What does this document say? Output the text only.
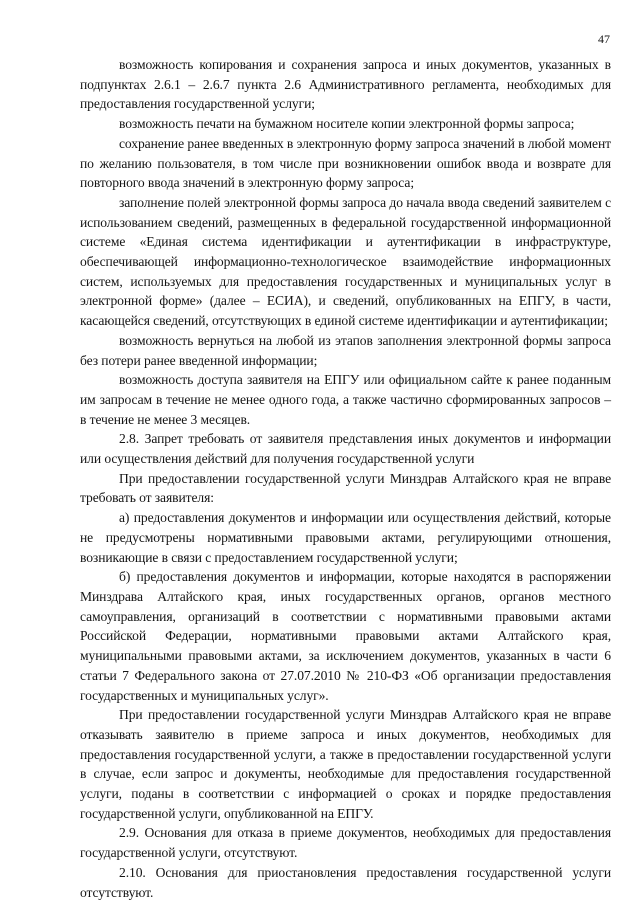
47

возможность копирования и сохранения запроса и иных документов, указанных в подпунктах 2.6.1 – 2.6.7 пункта 2.6 Административного регламента, необходимых для предоставления государственной услуги;

возможность печати на бумажном носителе копии электронной формы запроса;

сохранение ранее введенных в электронную форму запроса значений в любой момент по желанию пользователя, в том числе при возникновении ошибок ввода и возврате для повторного ввода значений в электронную форму запроса;

заполнение полей электронной формы запроса до начала ввода сведений заявителем с использованием сведений, размещенных в федеральной государственной информационной системе «Единая система идентификации и аутентификации в инфраструктуре, обеспечивающей информационно-технологическое взаимодействие информационных систем, используемых для предоставления государственных и муниципальных услуг в электронной форме» (далее – ЕСИА), и сведений, опубликованных на ЕПГУ, в части, касающейся сведений, отсутствующих в единой системе идентификации и аутентификации;

возможность вернуться на любой из этапов заполнения электронной формы запроса без потери ранее введенной информации;

возможность доступа заявителя на ЕПГУ или официальном сайте к ранее поданным им запросам в течение не менее одного года, а также частично сформированных запросов – в течение не менее 3 месяцев.

2.8. Запрет требовать от заявителя представления иных документов и информации или осуществления действий для получения государственной услуги

При предоставлении государственной услуги Минздрав Алтайского края не вправе требовать от заявителя:

а) предоставления документов и информации или осуществления действий, которые не предусмотрены нормативными правовыми актами, регулирующими отношения, возникающие в связи с предоставлением государственной услуги;

б) предоставления документов и информации, которые находятся в распоряжении Минздрава Алтайского края, иных государственных органов, органов местного самоуправления, организаций в соответствии с нормативными правовыми актами Российской Федерации, нормативными правовыми актами Алтайского края, муниципальными правовыми актами, за исключением документов, указанных в части 6 статьи 7 Федерального закона от 27.07.2010 № 210-ФЗ «Об организации предоставления государственных и муниципальных услуг».

При предоставлении государственной услуги Минздрав Алтайского края не вправе отказывать заявителю в приеме запроса и иных документов, необходимых для предоставления государственной услуги, а также в предоставлении государственной услуги в случае, если запрос и документы, необходимые для предоставления государственной услуги, поданы в соответствии с информацией о сроках и порядке предоставления государственной услуги, опубликованной на ЕПГУ.

2.9. Основания для отказа в приеме документов, необходимых для предоставления государственной услуги, отсутствуют.

2.10. Основания для приостановления предоставления государственной услуги отсутствуют.
